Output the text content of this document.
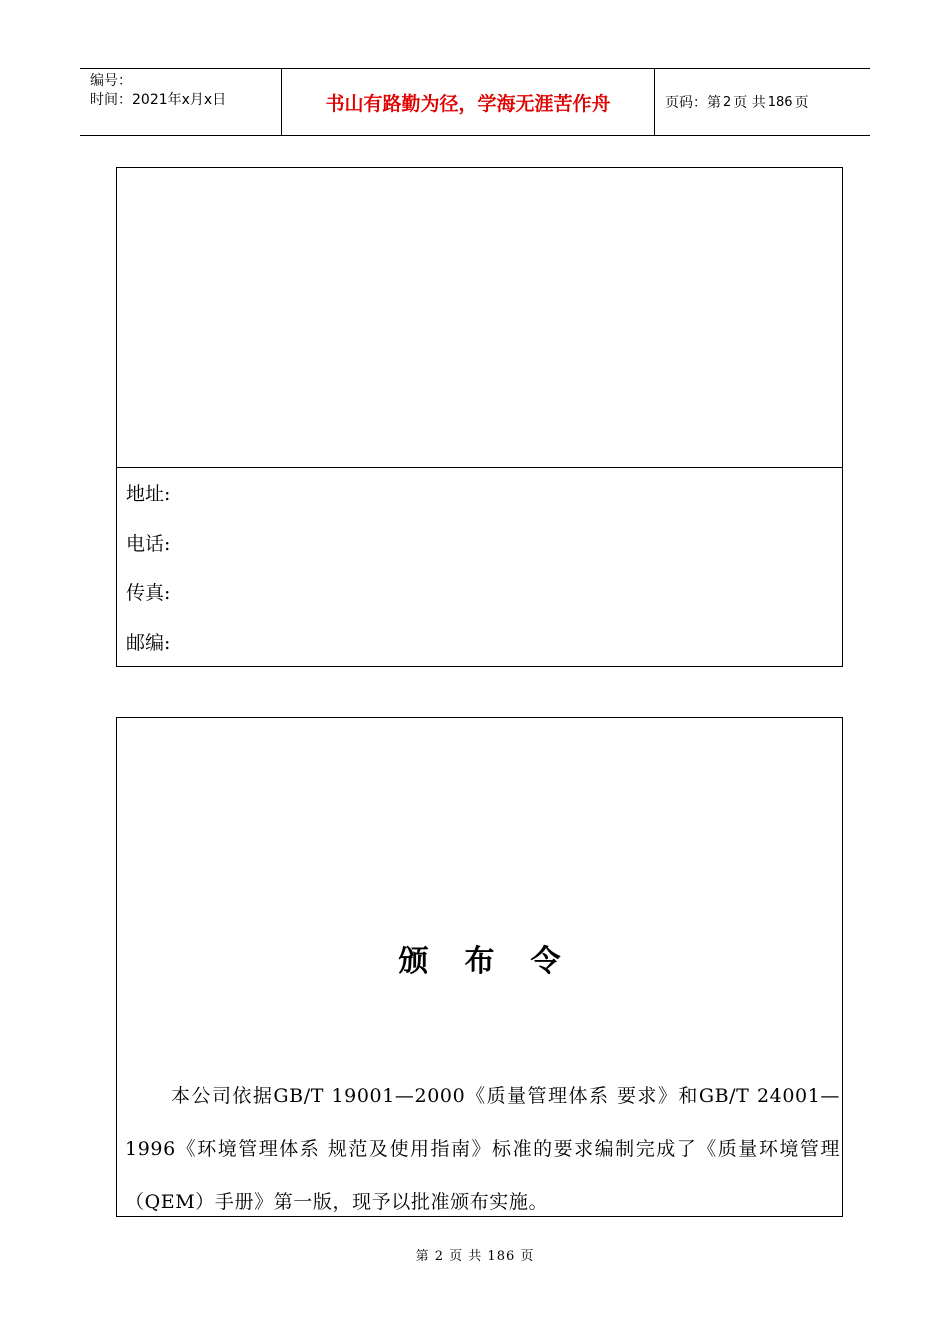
编号：
时间：2021年x月x日	书山有路勤为径，学海无涯苦作舟	页码：第 2 页 共 186 页
地址:
电话:
传真:
邮编:
颁布令

本公司依据GB/T 19001—2000《质量管理体系 要求》和GB/T 24001—1996《环境管理体系 规范及使用指南》标准的要求编制完成了《质量环境管理（QEM）手册》第一版，现予以批准颁布实施。

第 2 页 共 186 页
